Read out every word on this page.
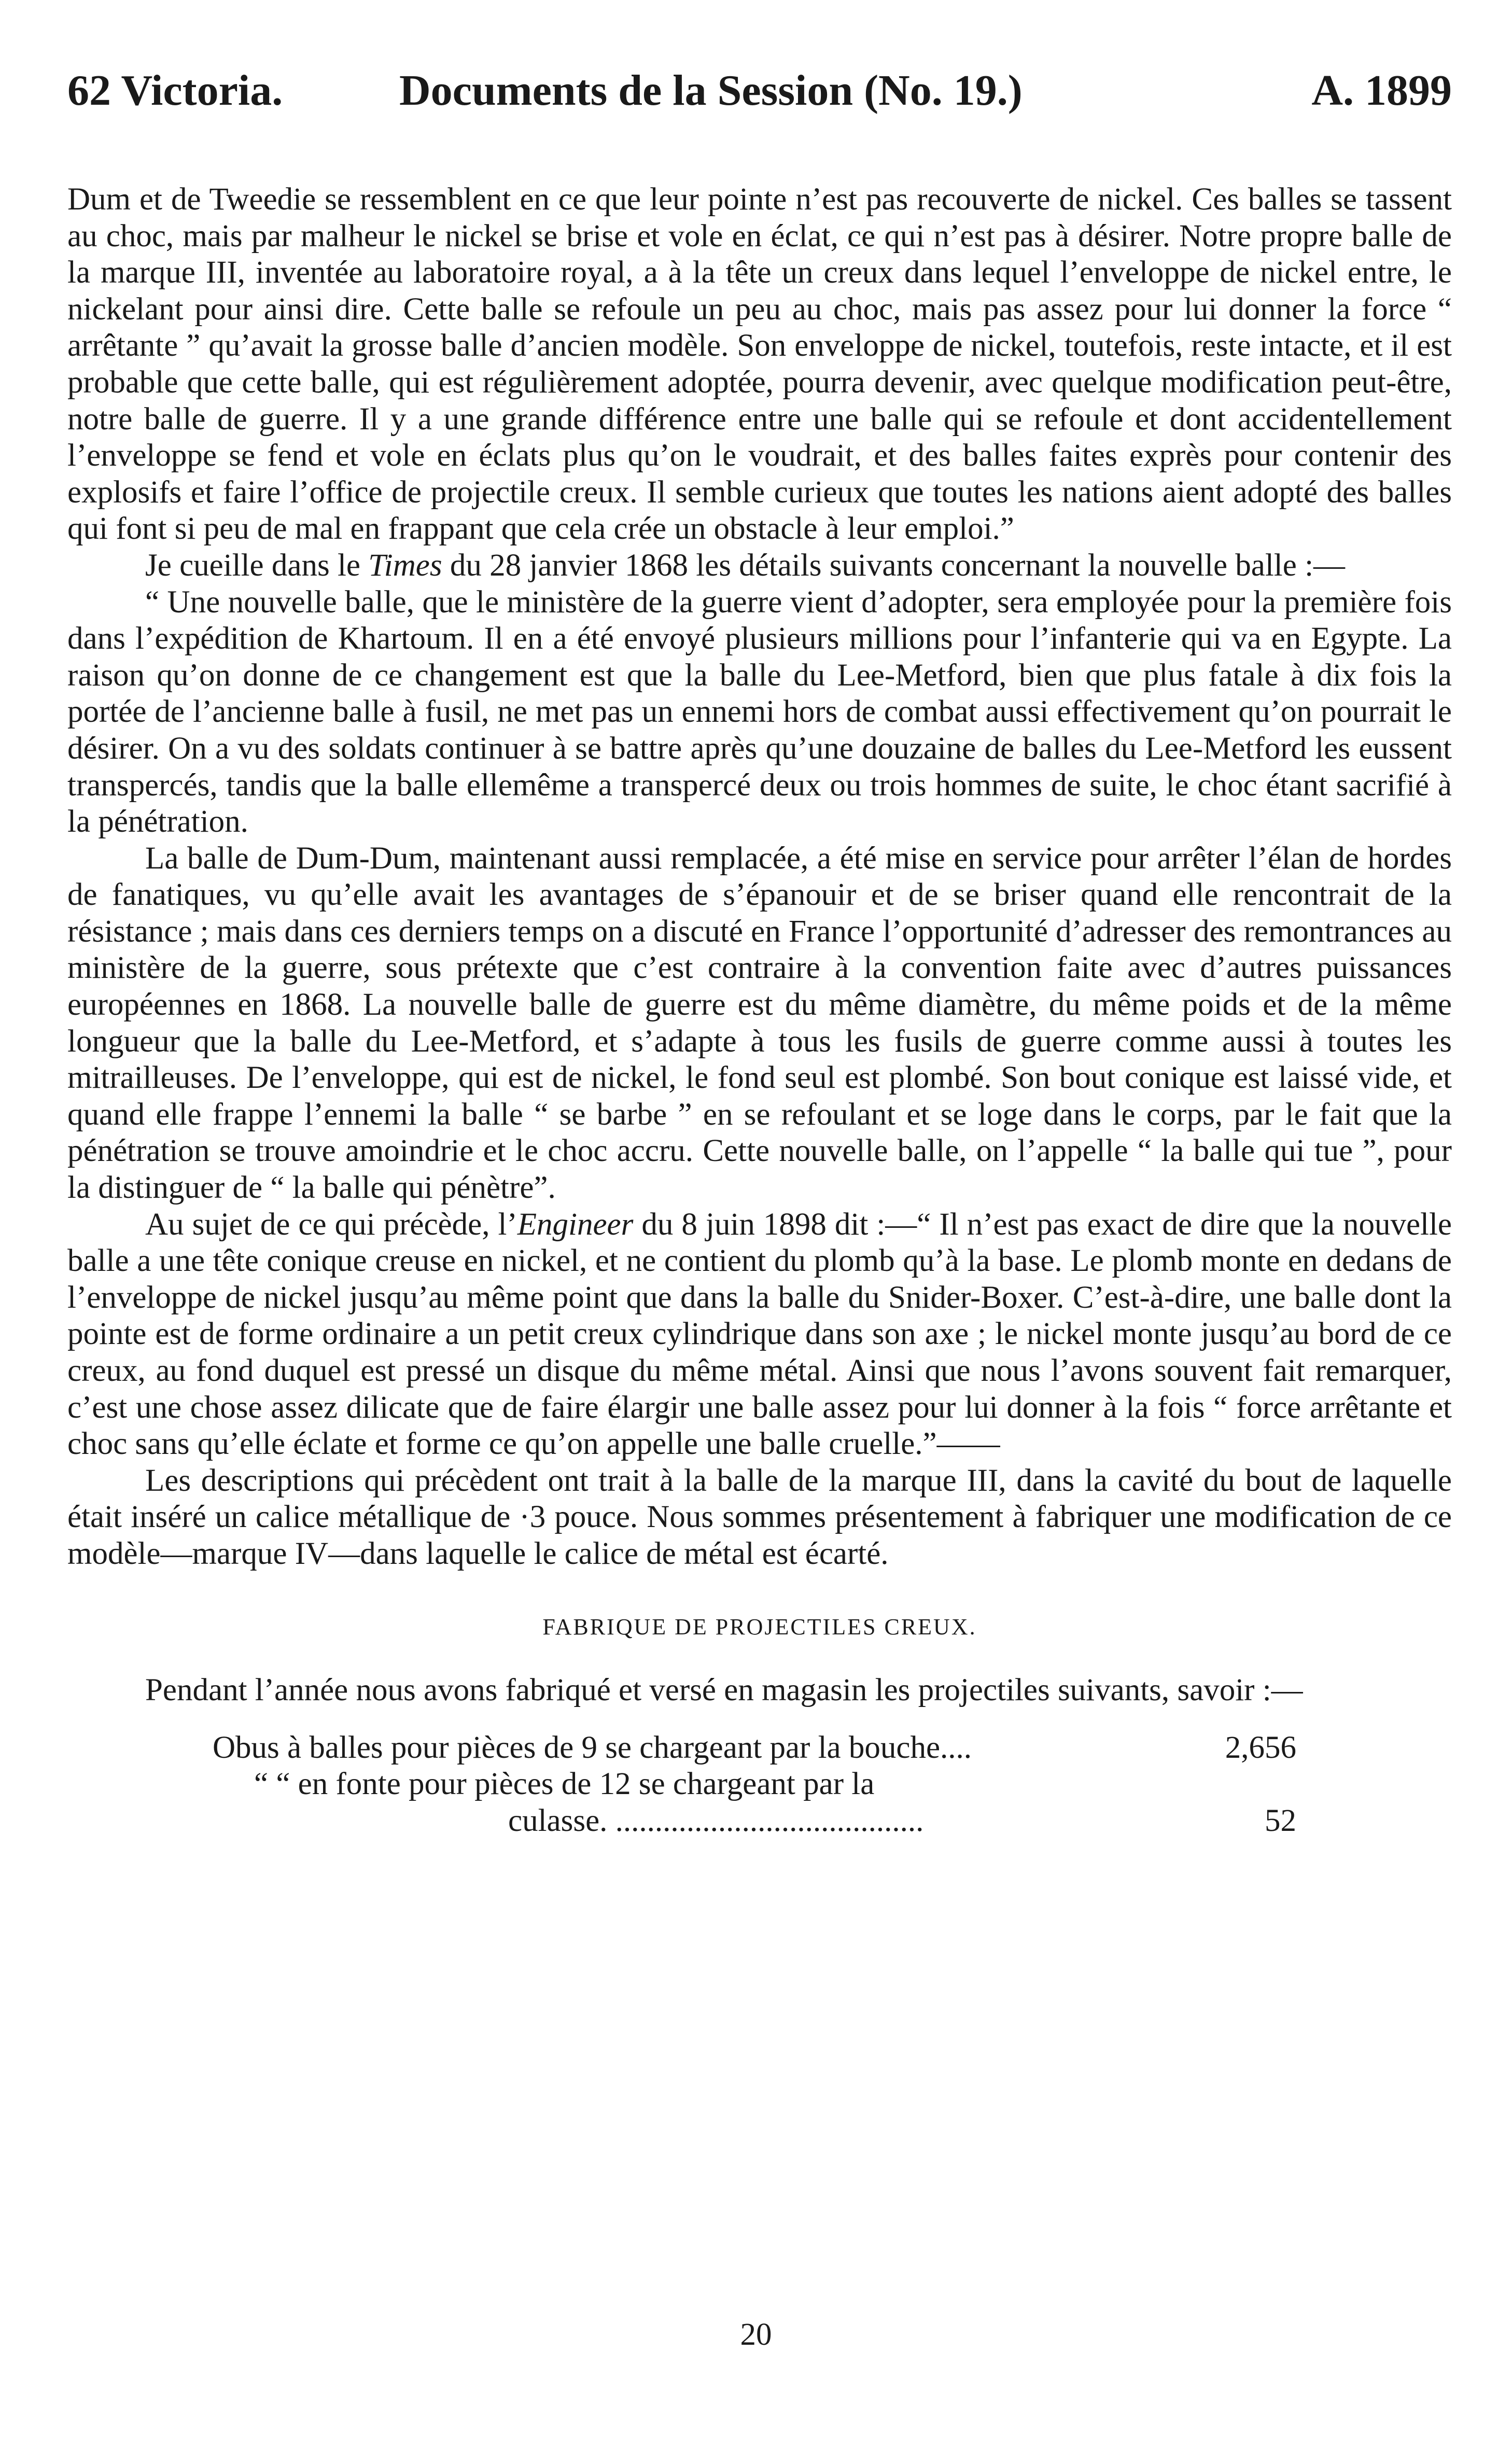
62 Victoria.	Documents de la Session (No. 19.)	A. 1899

Dum et de Tweedie se ressemblent en ce que leur pointe n’est pas recouverte de nickel. Ces balles se tassent au choc, mais par malheur le nickel se brise et vole en éclat, ce qui n’est pas à désirer. Notre propre balle de la marque III, inventée au laboratoire royal, a à la tête un creux dans lequel l’enveloppe de nickel entre, le nickelant pour ainsi dire. Cette balle se refoule un peu au choc, mais pas assez pour lui donner la force “ arrêtante ” qu’avait la grosse balle d’ancien modèle. Son enveloppe de nickel, toutefois, reste intacte, et il est probable que cette balle, qui est régulièrement adoptée, pourra devenir, avec quelque modification peut-être, notre balle de guerre. Il y a une grande différence entre une balle qui se refoule et dont accidentellement l’enveloppe se fend et vole en éclats plus qu’on le voudrait, et des balles faites exprès pour contenir des explosifs et faire l’office de projectile creux. Il semble curieux que toutes les nations aient adopté des balles qui font si peu de mal en frappant que cela crée un obstacle à leur emploi.”

Je cueille dans le Times du 28 janvier 1868 les détails suivants concernant la nouvelle balle :—

“ Une nouvelle balle, que le ministère de la guerre vient d’adopter, sera employée pour la première fois dans l’expédition de Khartoum. Il en a été envoyé plusieurs millions pour l’infanterie qui va en Egypte. La raison qu’on donne de ce changement est que la balle du Lee-Metford, bien que plus fatale à dix fois la portée de l’ancienne balle à fusil, ne met pas un ennemi hors de combat aussi effectivement qu’on pourrait le désirer. On a vu des soldats continuer à se battre après qu’une douzaine de balles du Lee-Metford les eussent transpercés, tandis que la balle ellemême a transpercé deux ou trois hommes de suite, le choc étant sacrifié à la pénétration.

La balle de Dum-Dum, maintenant aussi remplacée, a été mise en service pour arrêter l’élan de hordes de fanatiques, vu qu’elle avait les avantages de s’épanouir et de se briser quand elle rencontrait de la résistance ; mais dans ces derniers temps on a discuté en France l’opportunité d’adresser des remontrances au ministère de la guerre, sous prétexte que c’est contraire à la convention faite avec d’autres puissances européennes en 1868. La nouvelle balle de guerre est du même diamètre, du même poids et de la même longueur que la balle du Lee-Metford, et s’adapte à tous les fusils de guerre comme aussi à toutes les mitrailleuses. De l’enveloppe, qui est de nickel, le fond seul est plombé. Son bout conique est laissé vide, et quand elle frappe l’ennemi la balle “ se barbe ” en se refoulant et se loge dans le corps, par le fait que la pénétration se trouve amoindrie et le choc accru. Cette nouvelle balle, on l’appelle “ la balle qui tue ”, pour la distinguer de “ la balle qui pénètre”.

Au sujet de ce qui précède, l’Engineer du 8 juin 1898 dit :—“ Il n’est pas exact de dire que la nouvelle balle a une tête conique creuse en nickel, et ne contient du plomb qu’à la base. Le plomb monte en dedans de l’enveloppe de nickel jusqu’au même point que dans la balle du Snider-Boxer. C’est-à-dire, une balle dont la pointe est de forme ordinaire a un petit creux cylindrique dans son axe ; le nickel monte jusqu’au bord de ce creux, au fond duquel est pressé un disque du même métal. Ainsi que nous l’avons souvent fait remarquer, c’est une chose assez dilicate que de faire élargir une balle assez pour lui donner à la fois “ force arrêtante et choc sans qu’elle éclate et forme ce qu’on appelle une balle cruelle.”——

Les descriptions qui précèdent ont trait à la balle de la marque III, dans la cavité du bout de laquelle était inséré un calice métallique de ·3 pouce. Nous sommes présentement à fabriquer une modification de ce modèle—marque IV—dans laquelle le calice de métal est écarté.

FABRIQUE DE PROJECTILES CREUX.

Pendant l’année nous avons fabriqué et versé en magasin les projectiles suivants, savoir :—

Obus à balles pour pièces de 9 se chargeant par la bouche....	2,656
“ “ en fonte pour pièces de 12 se chargeant par la
culasse. .......................................	52
20
